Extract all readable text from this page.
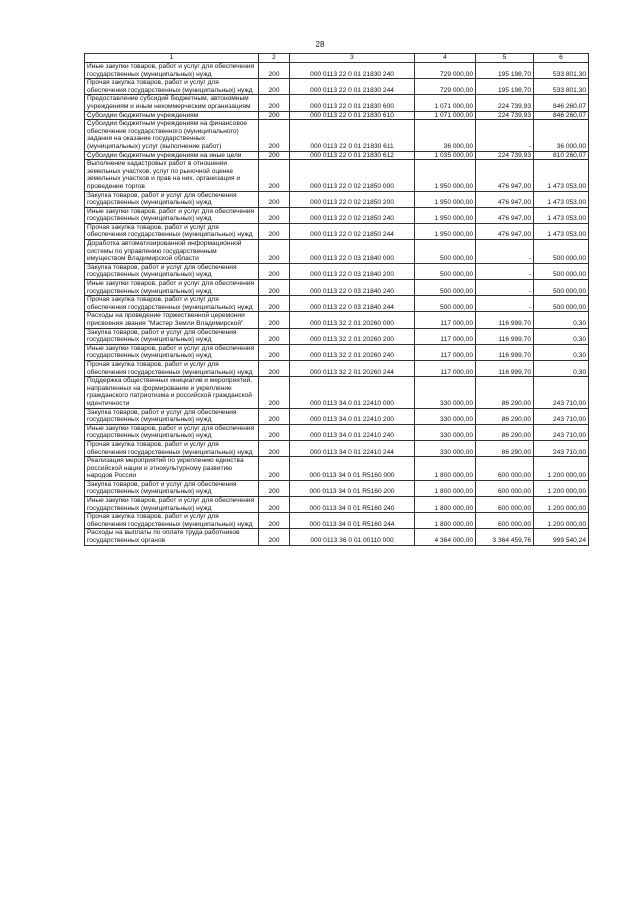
28
1	2	3	4	5	6
Иные закупки товаров, работ и услуг для обеспечения государственных (муниципальных) нужд	200	000 0113 22 0 01 21830 240	729 000,00	195 198,70	533 801,30
Прочая закупка товаров, работ и услуг для обеспечения государственных (муниципальных) нужд	200	000 0113 22 0 01 21830 244	729 000,00	195 198,70	533 801,30
Предоставление субсидий бюджетным, автономным учреждениям и иным некоммерческим организациям	200	000 0113 22 0 01 21830 600	1 071 000,00	224 739,93	846 260,07
Субсидии бюджетным учреждениям	200	000 0113 22 0 01 21830 610	1 071 000,00	224 739,93	846 260,07
Субсидии бюджетным учреждениям на финансовое обеспечение государственного (муниципального) задания на оказание государственных (муниципальных) услуг (выполнение работ)	200	000 0113 22 0 01 21830 611	36 000,00	-	36 000,00
Субсидии бюджетным учреждениям на иные цели	200	000 0113 22 0 01 21830 612	1 035 000,00	224 739,93	810 260,07
Выполнение кадастровых работ в отношении земельных участков, услуг по рыночной оценке земельных участков и прав на них, организация и проведение торгов	200	000 0113 22 0 02 21850 000	1 950 000,00	476 947,00	1 473 053,00
Закупка товаров, работ и услуг для обеспечения государственных (муниципальных) нужд	200	000 0113 22 0 02 21850 200	1 950 000,00	476 947,00	1 473 053,00
Иные закупки товаров, работ и услуг для обеспечения государственных (муниципальных) нужд	200	000 0113 22 0 02 21850 240	1 950 000,00	476 947,00	1 473 053,00
Прочая закупка товаров, работ и услуг для обеспечения государственных (муниципальных) нужд	200	000 0113 22 0 02 21850 244	1 950 000,00	476 947,00	1 473 053,00
Доработка автоматизированной информационной системы по управлению государственным имуществом Владимирской области	200	000 0113 22 0 03 21840 000	500 000,00	-	500 000,00
Закупка товаров, работ и услуг для обеспечения государственных (муниципальных) нужд	200	000 0113 22 0 03 21840 200	500 000,00	-	500 000,00
Иные закупки товаров, работ и услуг для обеспечения государственных (муниципальных) нужд	200	000 0113 22 0 03 21840 240	500 000,00	-	500 000,00
Прочая закупка товаров, работ и услуг для обеспечения государственных (муниципальных) нужд	200	000 0113 22 0 03 21840 244	500 000,00	-	500 000,00
Расходы на проведение торжественной церемонии присвоения звания "Мастер Земли Владимирской"	200	000 0113 32 2 01 20260 000	117 000,00	116 999,70	0,30
Закупка товаров, работ и услуг для обеспечения государственных (муниципальных) нужд	200	000 0113 32 2 01 20260 200	117 000,00	116 999,70	0,30
Иные закупки товаров, работ и услуг для обеспечения государственных (муниципальных) нужд	200	000 0113 32 2 01 20260 240	117 000,00	116 999,70	0,30
Прочая закупка товаров, работ и услуг для обеспечения государственных (муниципальных) нужд	200	000 0113 32 2 01 20260 244	117 000,00	116 999,70	0,30
Поддержка общественных инициатив и мероприятий, направленных на формирование и укрепление гражданского патриотизма и российской гражданской идентичности	200	000 0113 34 0 01 22410 000	330 000,00	86 290,00	243 710,00
Закупка товаров, работ и услуг для обеспечения государственных (муниципальных) нужд	200	000 0113 34 0 01 22410 200	330 000,00	86 290,00	243 710,00
Иные закупки товаров, работ и услуг для обеспечения государственных (муниципальных) нужд	200	000 0113 34 0 01 22410 240	330 000,00	86 290,00	243 710,00
Прочая закупка товаров, работ и услуг для обеспечения государственных (муниципальных) нужд	200	000 0113 34 0 01 22410 244	330 000,00	86 290,00	243 710,00
Реализация мероприятий по укреплению единства российской нации и этнокультурному развитию народов России	200	000 0113 34 0 01 R5160 000	1 800 000,00	600 000,00	1 200 000,00
Закупка товаров, работ и услуг для обеспечения государственных (муниципальных) нужд	200	000 0113 34 0 01 R5160 200	1 800 000,00	600 000,00	1 200 000,00
Иные закупки товаров, работ и услуг для обеспечения государственных (муниципальных) нужд	200	000 0113 34 0 01 R5160 240	1 800 000,00	600 000,00	1 200 000,00
Прочая закупка товаров, работ и услуг для обеспечения государственных (муниципальных) нужд	200	000 0113 34 0 01 R5160 244	1 800 000,00	600 000,00	1 200 000,00
Расходы на выплаты по оплате труда работников государственных органов	200	000 0113 36 0 01 00110 000	4 364 000,00	3 364 459,76	999 540,24
